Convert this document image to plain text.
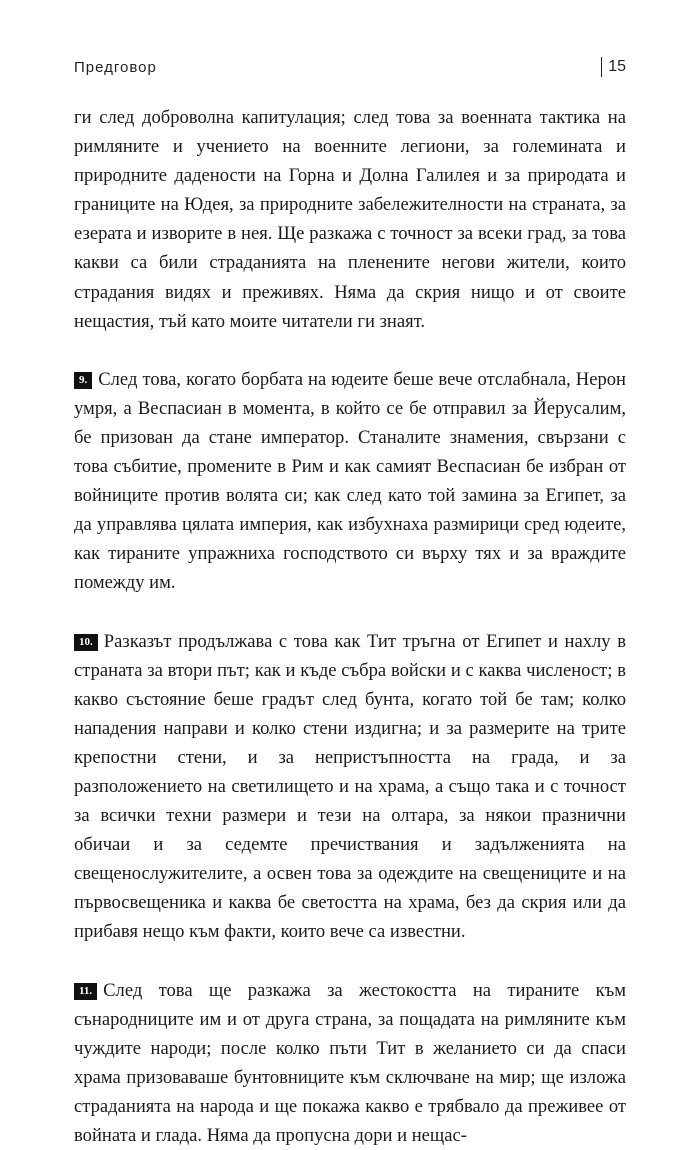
Предговор	15

ги след доброволна капитулация; след това за военната тактика на римляните и учението на военните легиони, за големината и природните дадености на Горна и Долна Галилея и за природата и границите на Юдея, за природните забележителности на страната, за езерата и изворите в нея. Ще разкажа с точност за всеки град, за това какви са били страданията на пленените негови жители, които страдания видях и преживях. Няма да скрия нищо и от своите нещастия, тъй като моите читатели ги знаят.

9. След това, когато борбата на юдеите беше вече отслабнала, Нерон умря, а Веспасиан в момента, в който се бе отправил за Йерусалим, бе призован да стане император. Станалите знамения, свързани с това събитие, промените в Рим и как самият Веспасиан бе избран от войниците против волята си; как след като той замина за Египет, за да управлява цялата империя, как избухнаха размирици сред юдеите, как тираните упражниха господството си върху тях и за враждите помежду им.

10. Разказът продължава с това как Тит тръгна от Египет и нахлу в страната за втори път; как и къде събра войски и с каква численост; в какво състояние беше градът след бунта, когато той бе там; колко нападения направи и колко стени издигна; и за размерите на трите крепостни стени, и за непристъпността на града, и за разположението на светилището и на храма, а също така и с точност за всички техни размери и тези на олтара, за някои празнични обичаи и за седемте пречиствания и задълженията на свещенослужителите, а освен това за одеждите на свещениците и на първосвещеника и каква бе светостта на храма, без да скрия или да прибавя нещо към факти, които вече са известни.

11. След това ще разкажа за жестокостта на тираните към сънародниците им и от друга страна, за пощадата на римляните към чуждите народи; после колко пъти Тит в желанието си да спаси храма призоваваше бунтовниците към сключване на мир; ще изложа страданията на народа и ще покажа какво е трябвало да преживее от войната и глада. Няма да пропусна дори и нещас-
